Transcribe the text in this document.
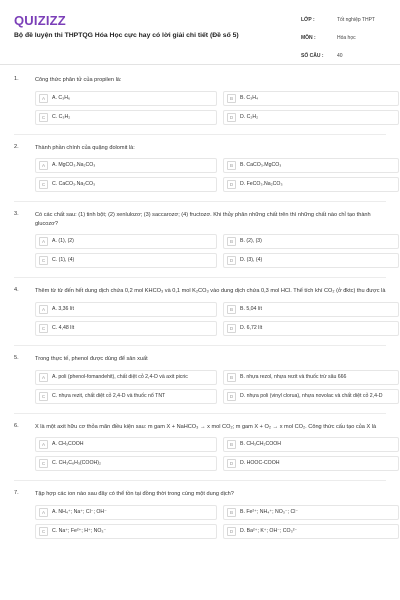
QUIZIZZ
Bộ đề luyện thi THPTQG Hóa Học cực hay có lời giải chi tiết (Đề số 5)
LỚP :	Tốt nghiệp THPT
MÔN :	Hóa học
SỐ CÂU :	40
1.	Công thức phân tử của propilen là:
A	A. C₃H₆	B	B. C₃H₄
C	C. C₃H₂	D	D. C₂H₂
2.	Thành phần chính của quặng đolomit là:
A	A. MgCO₃.Na₂CO₃	B	B. CaCO₃.MgCO₃
C	C. CaCO₃.Na₂CO₃	D	D. FeCO₃.Na₂CO₃
3.	Có các chất sau: (1) tinh bột; (2) xenlulozơ; (3) saccarozơ; (4) fructozơ. Khi thủy phân những chất trên thì những chất nào chỉ tạo thành glucozơ?
A	A. (1), (2)	B	B. (2), (3)
C	C. (1), (4)	D	D. (3), (4)
4.	Thêm từ từ đến hết dung dịch chứa 0,2 mol KHCO₃ và 0,1 mol K₂CO₃ vào dung dịch chứa 0,3 mol HCl. Thể tích khí CO₂ (ở đktc) thu được là
A	A. 3,36 lít	B	B. 5,04 lít
C	C. 4,48 lít	D	D. 6,72 lít
5.	Trong thực tế, phenol được dùng để sản xuất
A	A. poli (phenol-fomandehit), chất diệt cỏ 2,4-D và axit picric	B	B. nhựa rezol, nhựa rezit và thuốc trừ sâu 666
C	C. nhựa rezit, chất diệt cỏ 2,4-D và thuốc nổ TNT	D	D. nhựa poli (vinyl clorua), nhựa novolac và chất diệt cỏ 2,4-D
6.	X là một axit hữu cơ thỏa mãn điều kiện sau: m gam X + NaHCO₃ → x mol CO₂; m gam X + O₂ → x mol CO₂. Công thức cấu tạo của X là
A	A. CH₃COOH	B	B. CH₃CH₂COOH
C	C. CH₃C₆H₃(COOH)₂	D	D. HOOC-COOH
7.	Tập hợp các ion nào sau đây có thể tồn tại đồng thời trong cùng một dung dịch?
A	A. NH₄⁺; Na⁺; Cl⁻; OH⁻	B	B. Fe²⁺; NH₄⁺; NO₃⁻; Cl⁻
C	C. Na⁺; Fe²⁺; H⁺; NO₃⁻	D	D. Ba²⁺; K⁺; OH⁻; CO₃²⁻
